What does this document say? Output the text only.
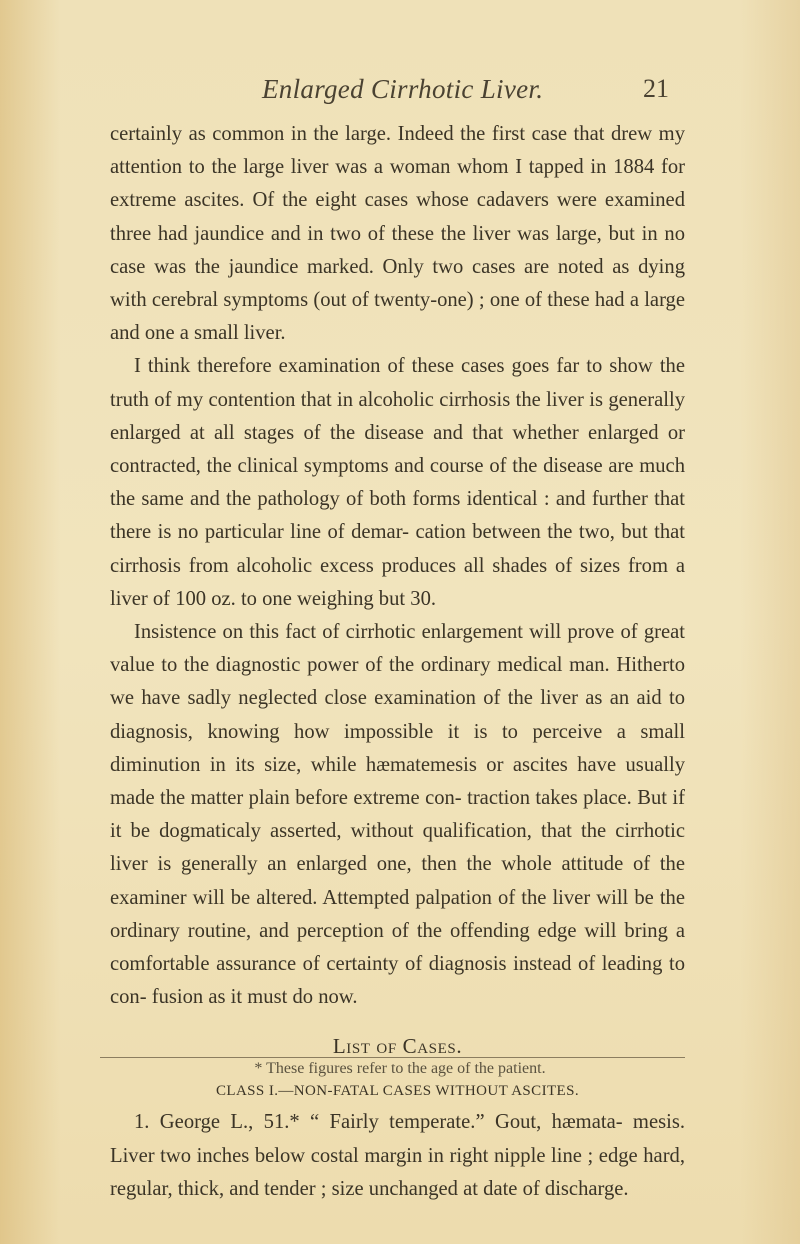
Enlarged Cirrhotic Liver.	21

certainly as common in the large. Indeed the first case that drew my attention to the large liver was a woman whom I tapped in 1884 for extreme ascites. Of the eight cases whose cadavers were examined three had jaundice and in two of these the liver was large, but in no case was the jaundice marked. Only two cases are noted as dying with cerebral symptoms (out of twenty-one) ; one of these had a large and one a small liver.

I think therefore examination of these cases goes far to show the truth of my contention that in alcoholic cirrhosis the liver is generally enlarged at all stages of the disease and that whether enlarged or contracted, the clinical symptoms and course of the disease are much the same and the pathology of both forms identical : and further that there is no particular line of demar- cation between the two, but that cirrhosis from alcoholic excess produces all shades of sizes from a liver of 100 oz. to one weighing but 30.

Insistence on this fact of cirrhotic enlargement will prove of great value to the diagnostic power of the ordinary medical man. Hitherto we have sadly neglected close examination of the liver as an aid to diagnosis, knowing how impossible it is to perceive a small diminution in its size, while hæmatemesis or ascites have usually made the matter plain before extreme con- traction takes place. But if it be dogmaticaly asserted, without qualification, that the cirrhotic liver is generally an enlarged one, then the whole attitude of the examiner will be altered. Attempted palpation of the liver will be the ordinary routine, and perception of the offending edge will bring a comfortable assurance of certainty of diagnosis instead of leading to con- fusion as it must do now.

List of Cases.
CLASS I.—NON-FATAL CASES WITHOUT ASCITES.

1. George L., 51.* “ Fairly temperate.” Gout, hæmata- mesis. Liver two inches below costal margin in right nipple line ; edge hard, regular, thick, and tender ; size unchanged at date of discharge.

* These figures refer to the age of the patient.
